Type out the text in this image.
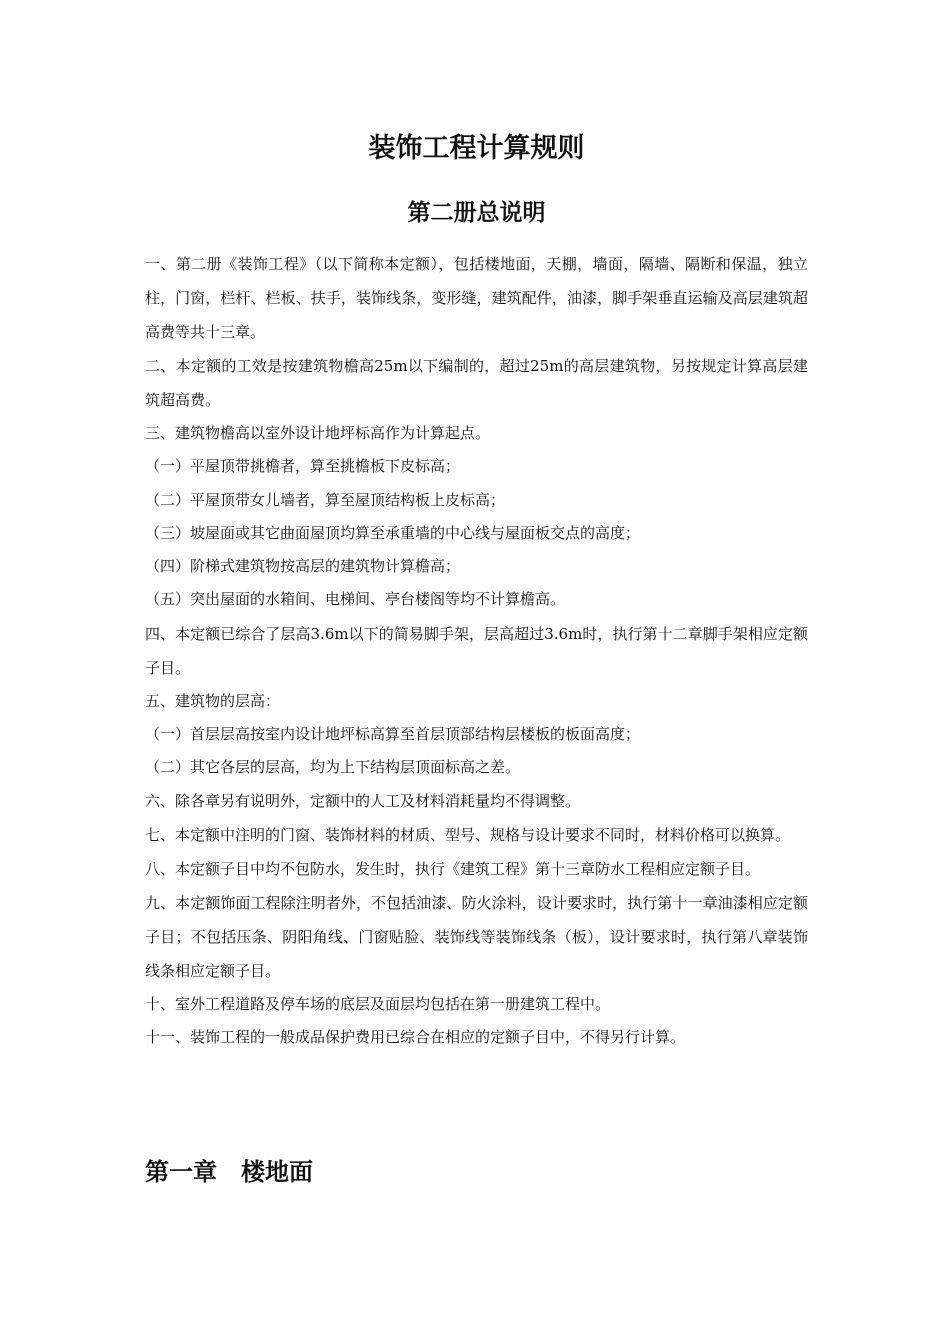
装饰工程计算规则
第二册总说明

一、第二册《装饰工程》（以下简称本定额），包括楼地面，天棚，墙面，隔墙、隔断和保温，独立柱，门窗，栏杆、栏板、扶手，装饰线条，变形缝，建筑配件，油漆，脚手架垂直运输及高层建筑超高费等共十三章。

二、本定额的工效是按建筑物檐高25m以下编制的，超过25m的高层建筑物，另按规定计算高层建筑超高费。

三、建筑物檐高以室外设计地坪标高作为计算起点。

（一）平屋顶带挑檐者，算至挑檐板下皮标高；

（二）平屋顶带女儿墙者，算至屋顶结构板上皮标高；

（三）坡屋面或其它曲面屋顶均算至承重墙的中心线与屋面板交点的高度；

（四）阶梯式建筑物按高层的建筑物计算檐高；

（五）突出屋面的水箱间、电梯间、亭台楼阁等均不计算檐高。

四、本定额已综合了层高3.6m以下的简易脚手架，层高超过3.6m时，执行第十二章脚手架相应定额子目。

五、建筑物的层高：

（一）首层层高按室内设计地坪标高算至首层顶部结构层楼板的板面高度；

（二）其它各层的层高，均为上下结构层顶面标高之差。

六、除各章另有说明外，定额中的人工及材料消耗量均不得调整。

七、本定额中注明的门窗、装饰材料的材质、型号、规格与设计要求不同时，材料价格可以换算。

八、本定额子目中均不包防水，发生时，执行《建筑工程》第十三章防水工程相应定额子目。

九、本定额饰面工程除注明者外，不包括油漆、防火涂料，设计要求时，执行第十一章油漆相应定额子目；不包括压条、阴阳角线、门窗贴脸、装饰线等装饰线条（板），设计要求时，执行第八章装饰线条相应定额子目。

十、室外工程道路及停车场的底层及面层均包括在第一册建筑工程中。

十一、装饰工程的一般成品保护费用已综合在相应的定额子目中，不得另行计算。

第一章　楼地面
